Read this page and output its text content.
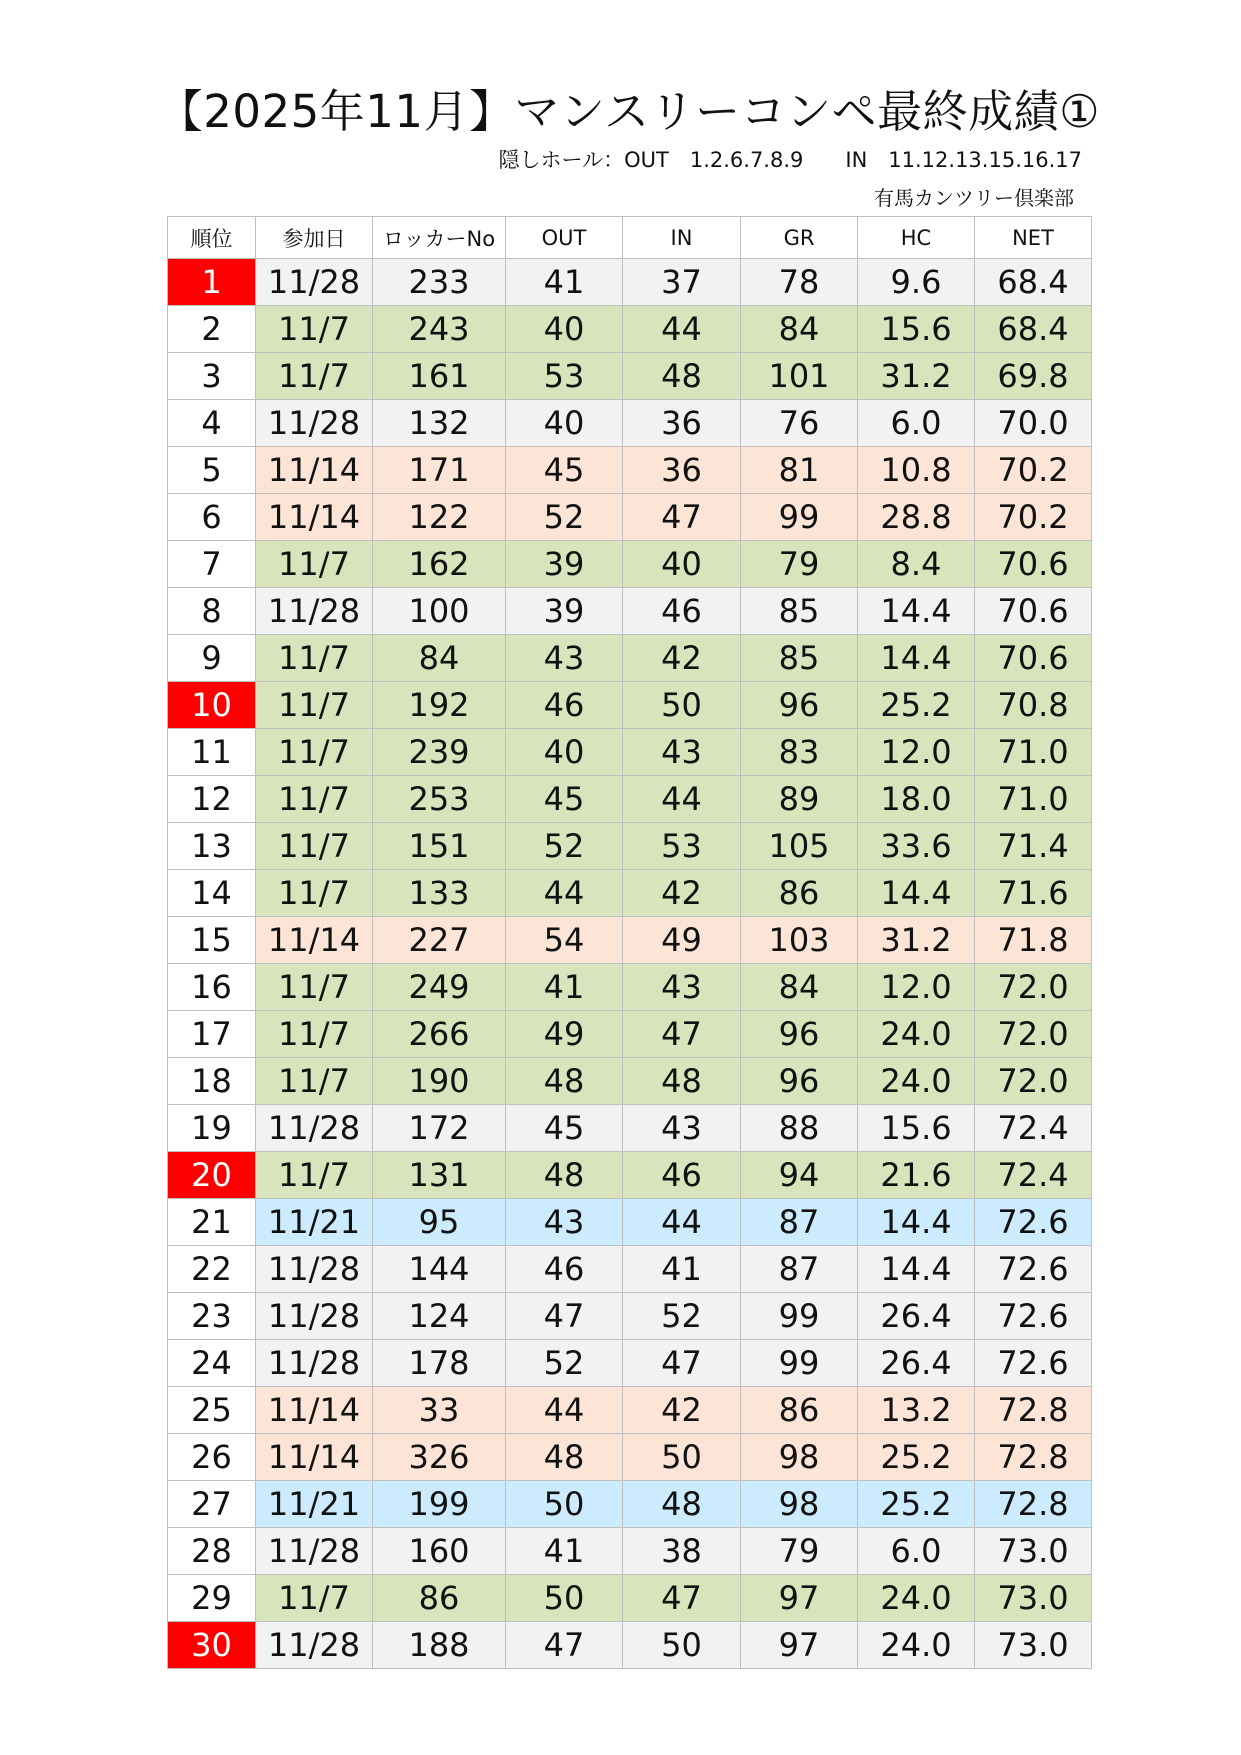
【2025年11月】マンスリーコンペ最終成績①
隠しホール：OUT　1.2.6.7.8.9　　IN　11.12.13.15.16.17
有馬カンツリー倶楽部
順位	参加日	ロッカーNo	OUT	IN	GR	HC	NET
1	11/28	233	41	37	78	9.6	68.4
2	11/7	243	40	44	84	15.6	68.4
3	11/7	161	53	48	101	31.2	69.8
4	11/28	132	40	36	76	6.0	70.0
5	11/14	171	45	36	81	10.8	70.2
6	11/14	122	52	47	99	28.8	70.2
7	11/7	162	39	40	79	8.4	70.6
8	11/28	100	39	46	85	14.4	70.6
9	11/7	84	43	42	85	14.4	70.6
10	11/7	192	46	50	96	25.2	70.8
11	11/7	239	40	43	83	12.0	71.0
12	11/7	253	45	44	89	18.0	71.0
13	11/7	151	52	53	105	33.6	71.4
14	11/7	133	44	42	86	14.4	71.6
15	11/14	227	54	49	103	31.2	71.8
16	11/7	249	41	43	84	12.0	72.0
17	11/7	266	49	47	96	24.0	72.0
18	11/7	190	48	48	96	24.0	72.0
19	11/28	172	45	43	88	15.6	72.4
20	11/7	131	48	46	94	21.6	72.4
21	11/21	95	43	44	87	14.4	72.6
22	11/28	144	46	41	87	14.4	72.6
23	11/28	124	47	52	99	26.4	72.6
24	11/28	178	52	47	99	26.4	72.6
25	11/14	33	44	42	86	13.2	72.8
26	11/14	326	48	50	98	25.2	72.8
27	11/21	199	50	48	98	25.2	72.8
28	11/28	160	41	38	79	6.0	73.0
29	11/7	86	50	47	97	24.0	73.0
30	11/28	188	47	50	97	24.0	73.0
